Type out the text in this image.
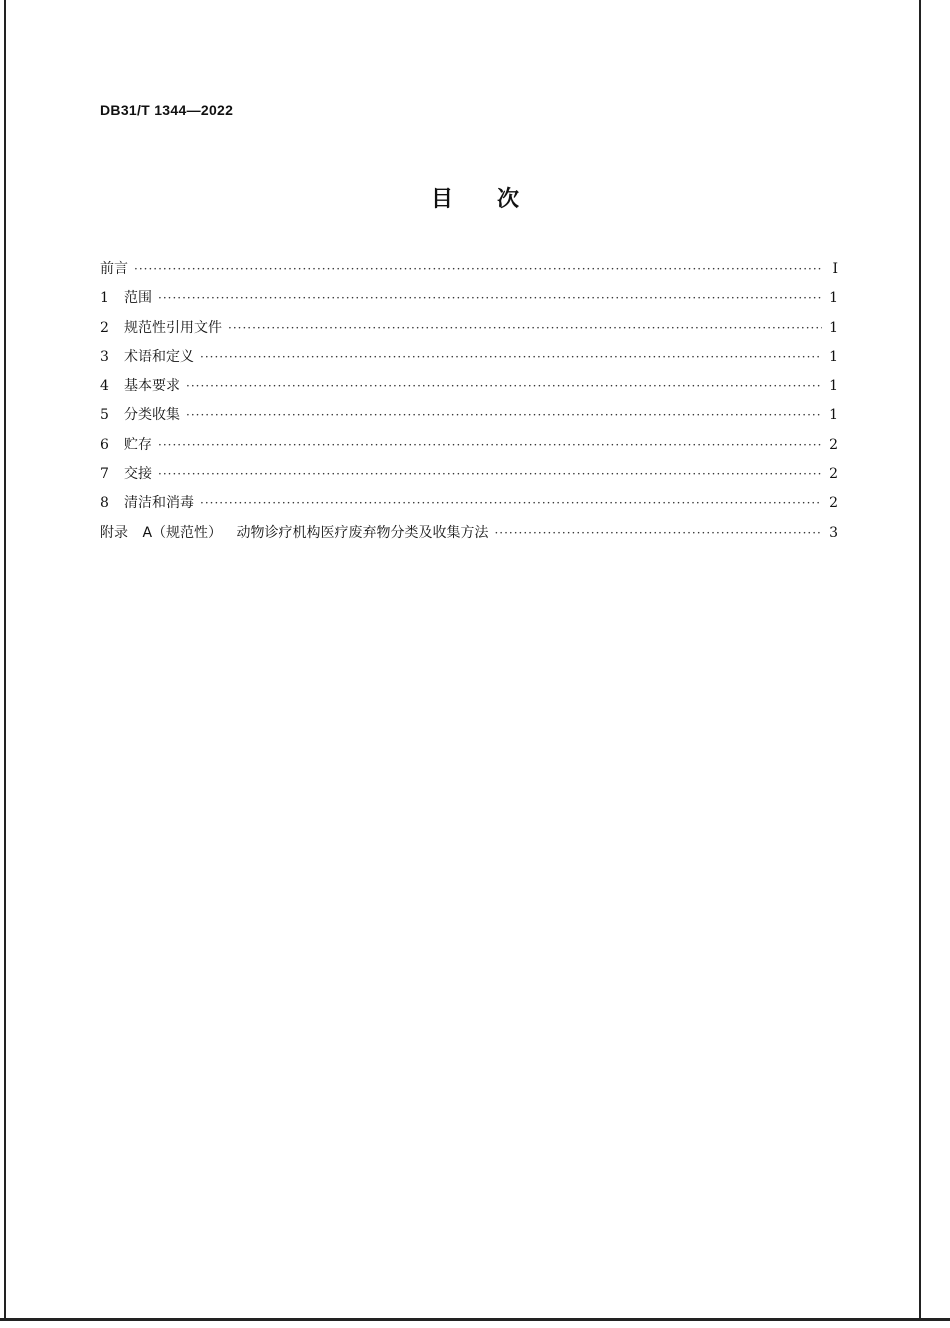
DB31/T 1344—2022
目 次
前言 ·····	Ⅰ
1	范围 ·····	1
2	规范性引用文件 ·····	1
3	术语和定义 ·····	1
4	基本要求 ·····	1
5	分类收集 ·····	1
6	贮存 ·····	2
7	交接 ·····	2
8	清洁和消毒 ·····	2
附录 A（规范性） 动物诊疗机构医疗废弃物分类及收集方法 ·····	3
